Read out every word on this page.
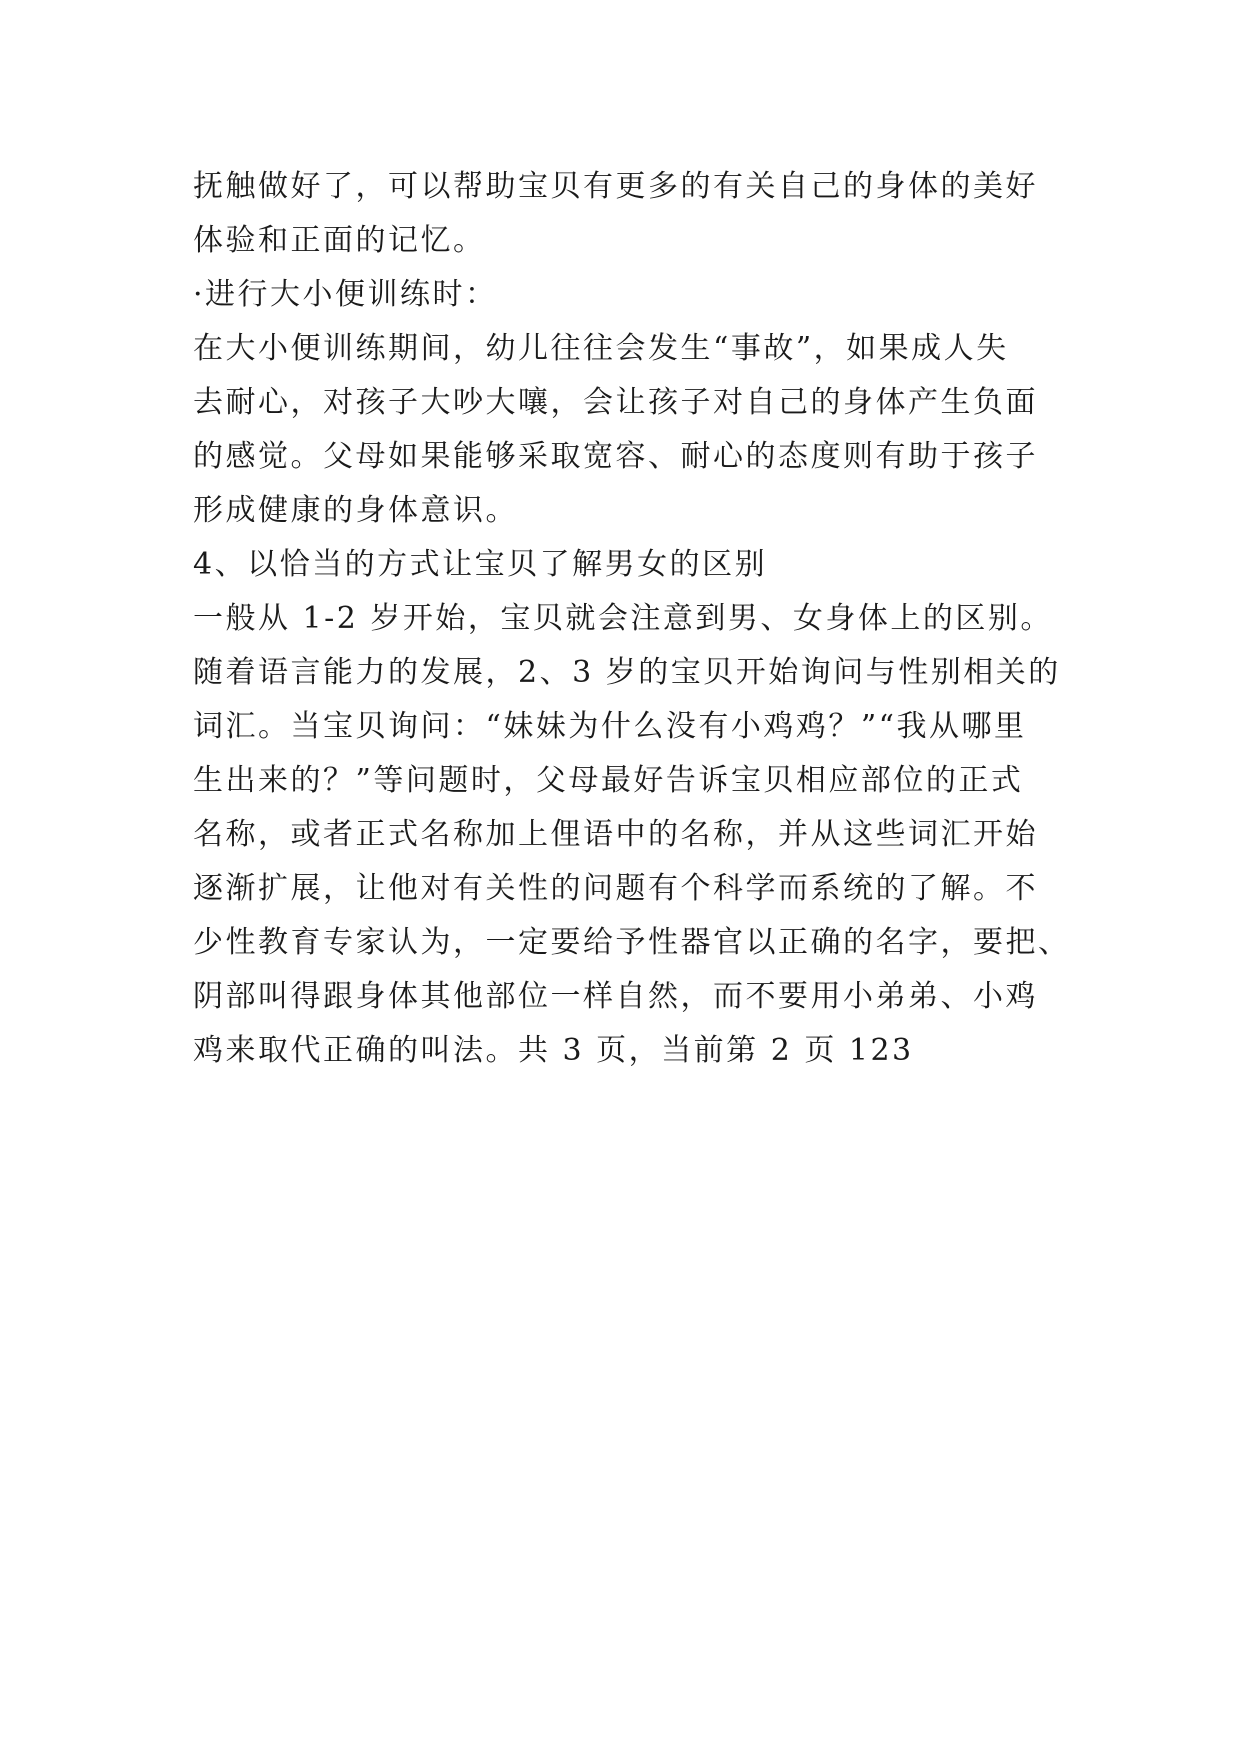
抚触做好了，可以帮助宝贝有更多的有关自己的身体的美好
体验和正面的记忆。
·进行大小便训练时：
在大小便训练期间，幼儿往往会发生“事故”，如果成人失
去耐心，对孩子大吵大嚷，会让孩子对自己的身体产生负面
的感觉。父母如果能够采取宽容、耐心的态度则有助于孩子
形成健康的身体意识。
4、以恰当的方式让宝贝了解男女的区别
一般从 1-2 岁开始，宝贝就会注意到男、女身体上的区别。
随着语言能力的发展，2、3 岁的宝贝开始询问与性别相关的
词汇。当宝贝询问：“妹妹为什么没有小鸡鸡？”“我从哪里
生出来的？”等问题时，父母最好告诉宝贝相应部位的正式
名称，或者正式名称加上俚语中的名称，并从这些词汇开始
逐渐扩展，让他对有关性的问题有个科学而系统的了解。不
少性教育专家认为，一定要给予性器官以正确的名字，要把、
阴部叫得跟身体其他部位一样自然，而不要用小弟弟、小鸡
鸡来取代正确的叫法。共 3 页，当前第 2 页 123
